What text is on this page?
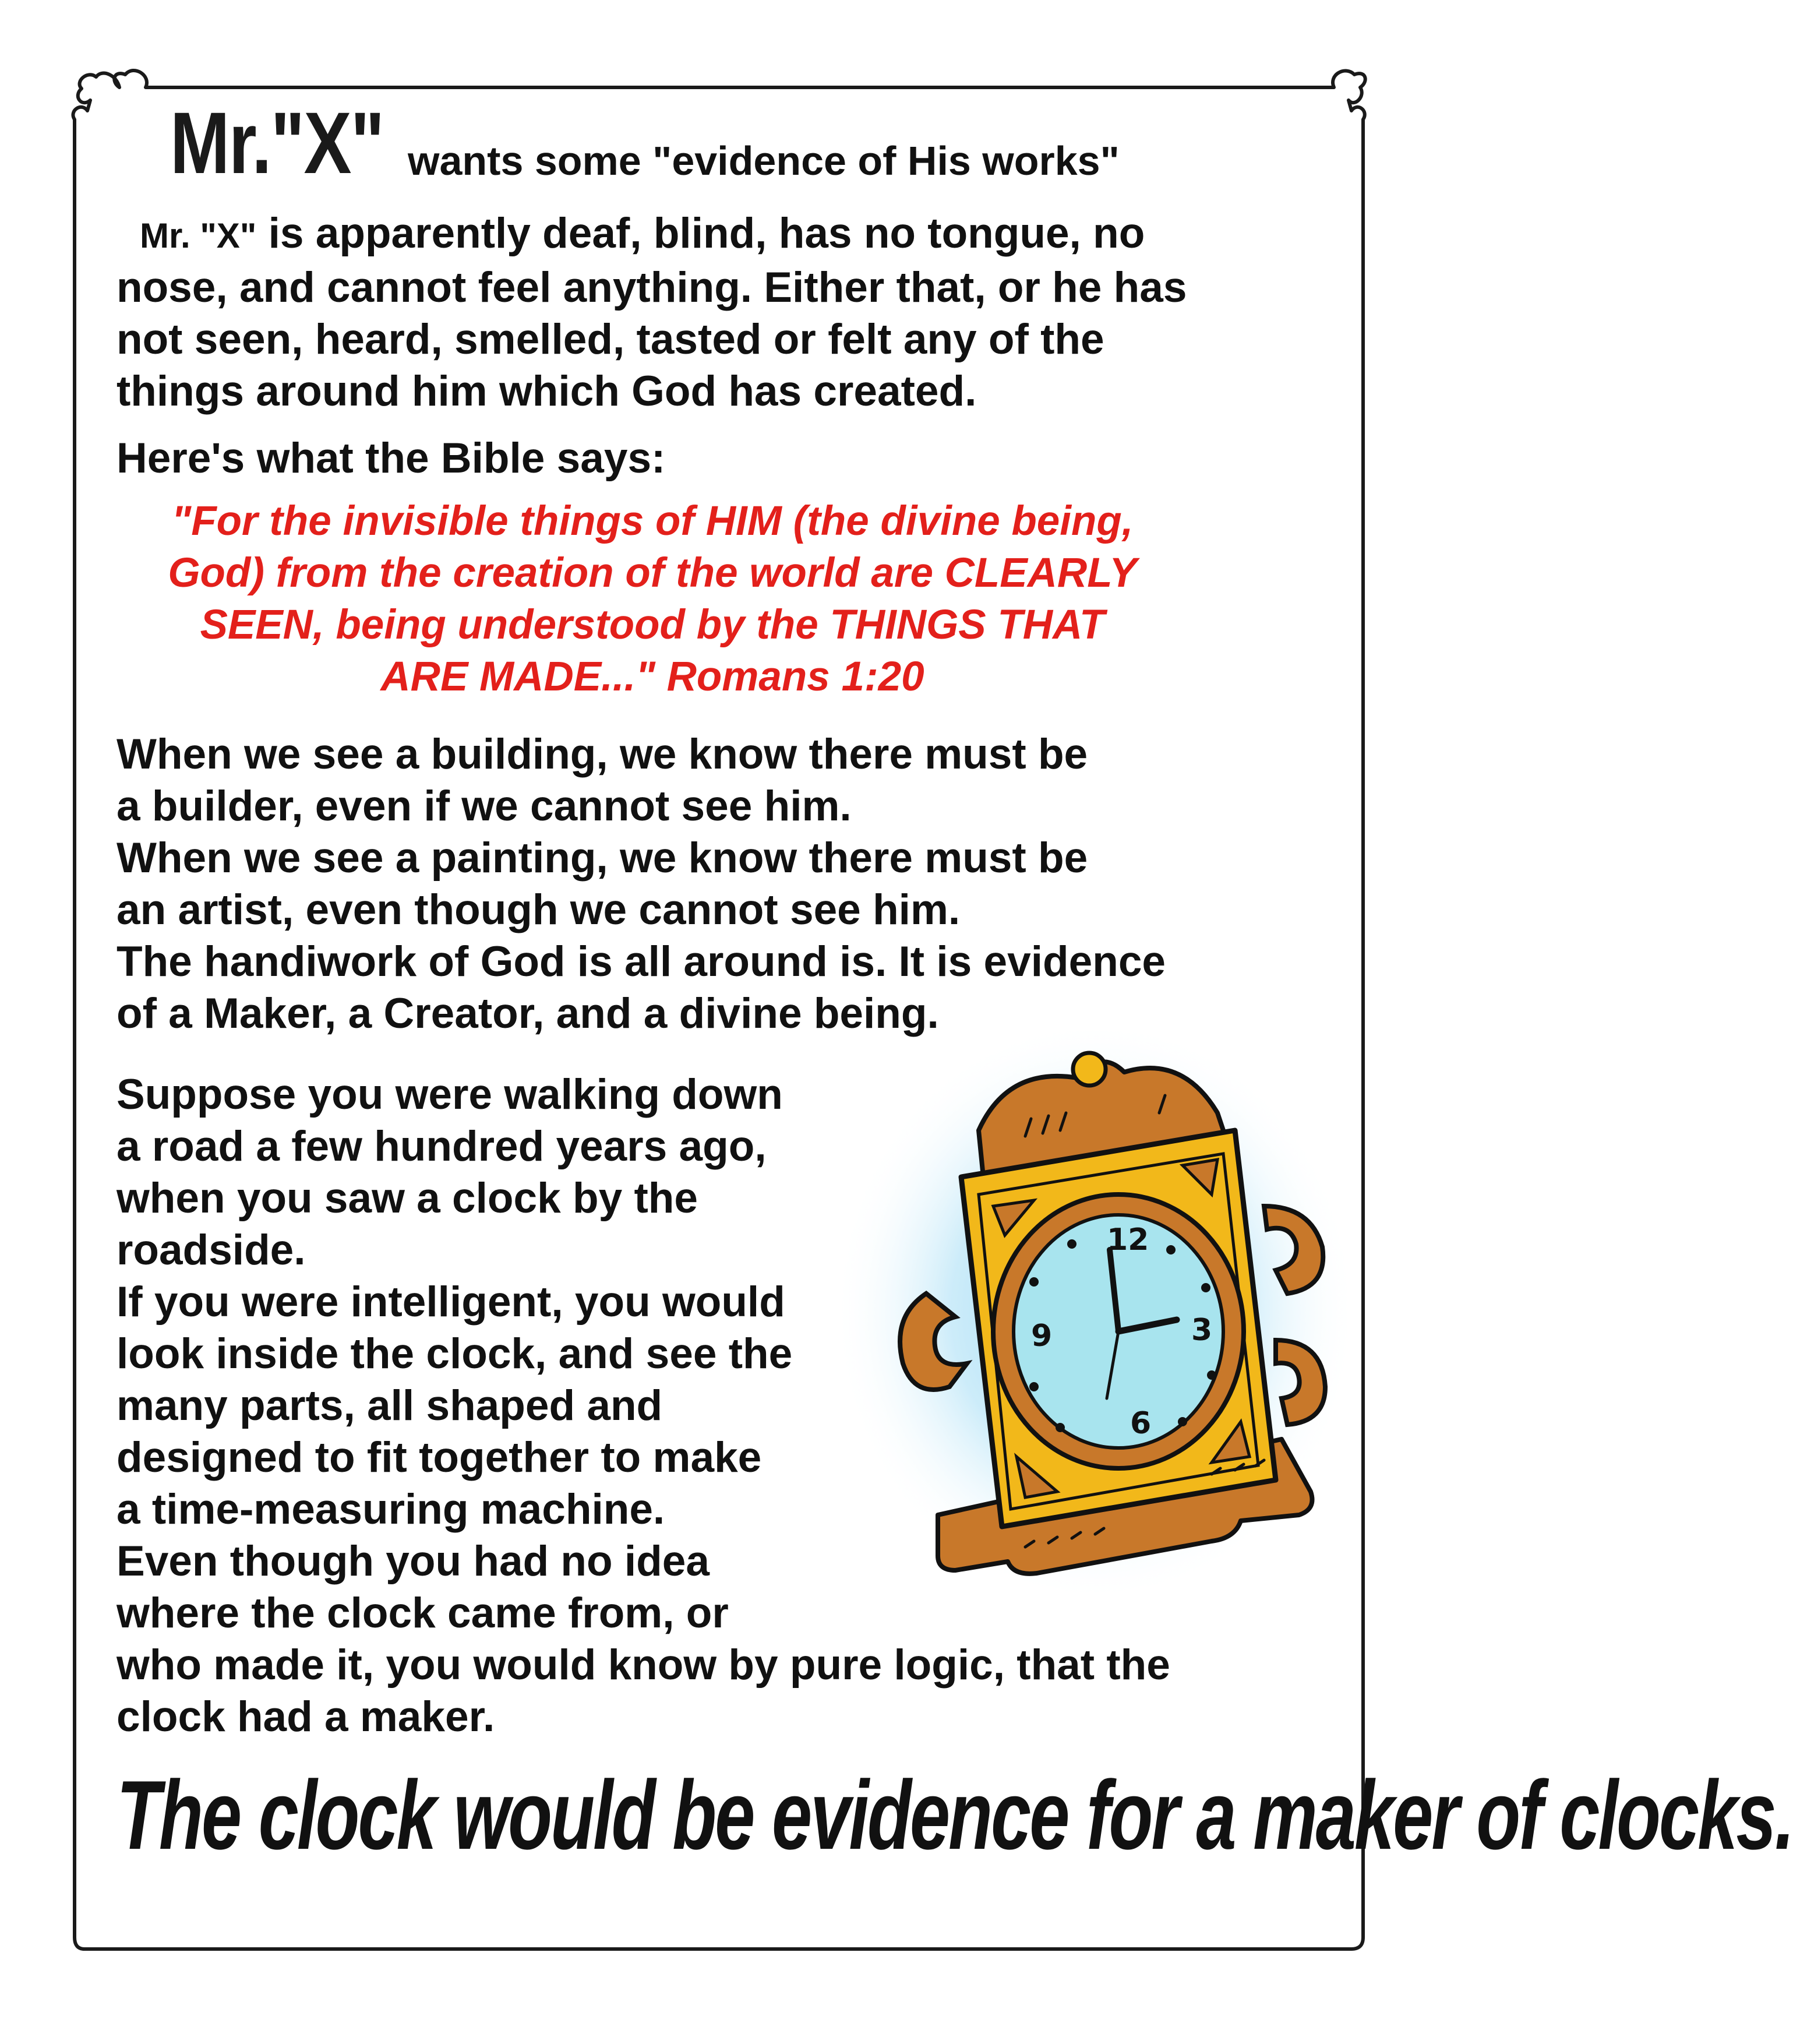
Mr."X" wants some "evidence of His works"
Mr. "X" is apparently deaf, blind, has no tongue, no
nose, and cannot feel anything. Either that, or he has
not seen, heard, smelled, tasted or felt any of the
things around him which God has created.
Here's what the Bible says:
"For the invisible things of HIM (the divine being,
God) from the creation of the world are CLEARLY
SEEN, being understood by the THINGS THAT
ARE MADE..." Romans 1:20
When we see a building, we know there must be
a builder, even if we cannot see him.
When we see a painting, we know there must be
an artist, even though we cannot see him.
The handiwork of God is all around is. It is evidence
of a Maker, a Creator, and a divine being.
12
3
6
9
Suppose you were walking down
a road a few hundred years ago,
when you saw a clock by the
roadside.
If you were intelligent, you would
look inside the clock, and see the
many parts, all shaped and
designed to fit together to make
a time-measuring machine.
Even though you had no idea
where the clock came from, or
who made it, you would know by pure logic, that the
clock had a maker.
The clock would be evidence for a maker of clocks.
